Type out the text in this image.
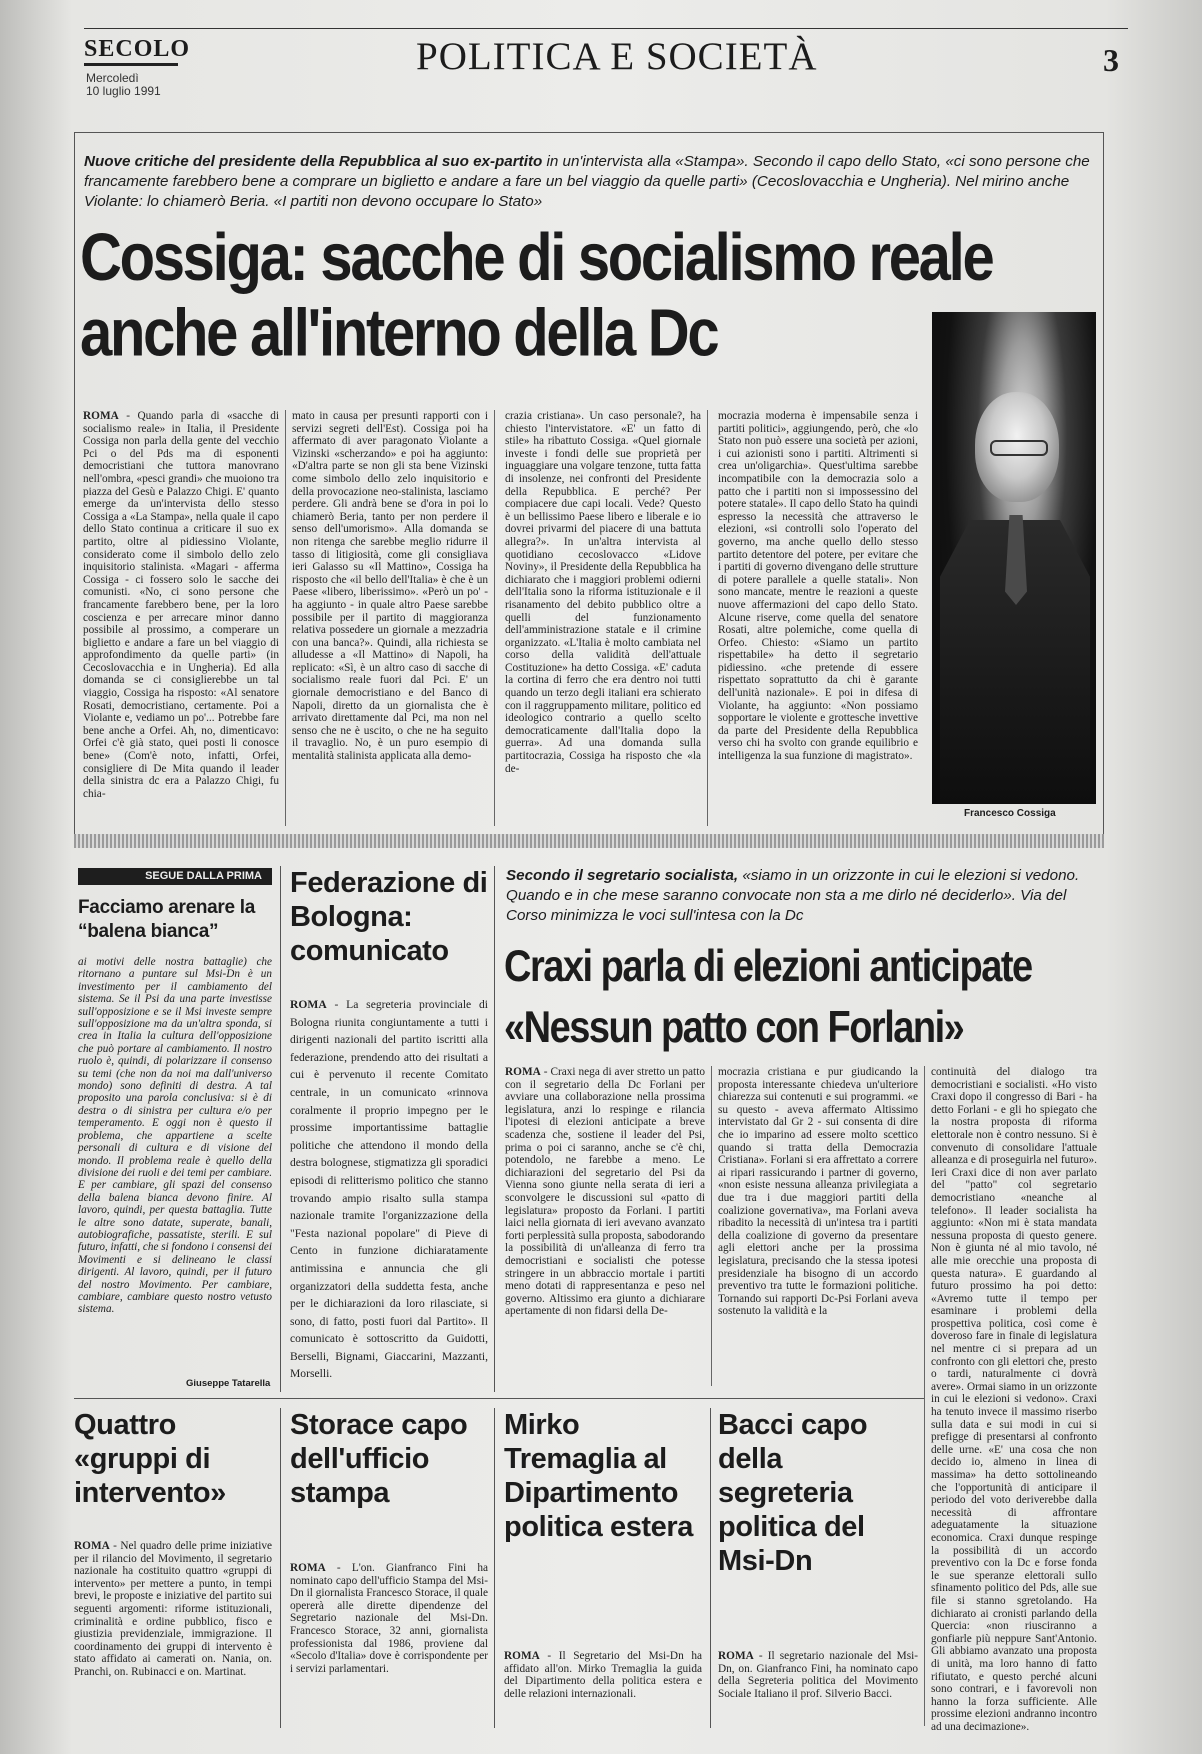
SECOLO
Mercoledì
10 luglio 1991
POLITICA E SOCIETÀ	3
Nuove critiche del presidente della Repubblica al suo ex-partito in un'intervista alla «Stampa». Secondo il capo dello Stato, «ci sono persone che francamente farebbero bene a comprare un biglietto e andare a fare un bel viaggio da quelle parti» (Cecoslovacchia e Ungheria). Nel mirino anche Violante: lo chiamerò Beria. «I partiti non devono occupare lo Stato»
Cossiga: sacche di socialismo reale
anche all'interno della Dc
ROMA - Quando parla di «sacche di socialismo reale» in Italia, il Presidente Cossiga non parla della gente del vecchio Pci o del Pds ma di esponenti democristiani che tuttora manovrano nell'ombra, «pesci grandi» che muoiono tra piazza del Gesù e Palazzo Chigi. E' quanto emerge da un'intervista dello stesso Cossiga a «La Stampa», nella quale il capo dello Stato continua a criticare il suo ex partito, oltre al pidiessino Violante, considerato come il simbolo dello zelo inquisitorio stalinista. «Magari - afferma Cossiga - ci fossero solo le sacche dei comunisti. «No, ci sono persone che francamente farebbero bene, per la loro coscienza e per arrecare minor danno possibile al prossimo, a comperare un biglietto e andare a fare un bel viaggio di approfondimento da quelle parti» (in Cecoslovacchia e in Ungheria). Ed alla domanda se ci consiglierebbe un tal viaggio, Cossiga ha risposto: «Al senatore Rosati, democristiano, certamente. Poi a Violante e, vediamo un po'... Potrebbe fare bene anche a Orfei. Ah, no, dimenticavo: Orfei c'è già stato, quei posti li conosce bene» (Com'è noto, infatti, Orfei, consigliere di De Mita quando il leader della sinistra dc era a Palazzo Chigi, fu chia-
mato in causa per presunti rapporti con i servizi segreti dell'Est). Cossiga poi ha affermato di aver paragonato Violante a Vizinski «scherzando» e poi ha aggiunto: «D'altra parte se non gli sta bene Vizinski come simbolo dello zelo inquisitorio e della provocazione neo-stalinista, lasciamo perdere. Gli andrà bene se d'ora in poi lo chiamerò Beria, tanto per non perdere il senso dell'umorismo». Alla domanda se non ritenga che sarebbe meglio ridurre il tasso di litigiosità, come gli consigliava ieri Galasso su «Il Mattino», Cossiga ha risposto che «il bello dell'Italia» è che è un Paese «libero, liberissimo». «Però un po' - ha aggiunto - in quale altro Paese sarebbe possibile per il partito di maggioranza relativa possedere un giornale a mezzadria con una banca?». Quindi, alla richiesta se alludesse a «Il Mattino» di Napoli, ha replicato: «Sì, è un altro caso di sacche di socialismo reale fuori dal Pci. E' un giornale democristiano e del Banco di Napoli, diretto da un giornalista che è arrivato direttamente dal Pci, ma non nel senso che ne è uscito, o che ne ha seguito il travaglio. No, è un puro esempio di mentalità stalinista applicata alla demo-
crazia cristiana». Un caso personale?, ha chiesto l'intervistatore. «E' un fatto di stile» ha ribattuto Cossiga. «Quel giornale investe i fondi delle sue proprietà per inguaggiare una volgare tenzone, tutta fatta di insolenze, nei confronti del Presidente della Repubblica. E perché? Per compiacere due capi locali. Vede? Questo è un bellissimo Paese libero e liberale e io dovrei privarmi del piacere di una battuta allegra?». In un'altra intervista al quotidiano cecoslovacco «Lidove Noviny», il Presidente della Repubblica ha dichiarato che i maggiori problemi odierni dell'Italia sono la riforma istituzionale e il risanamento del debito pubblico oltre a quelli del funzionamento dell'amministrazione statale e il crimine organizzato. «L'Italia è molto cambiata nel corso della validità dell'attuale Costituzione» ha detto Cossiga. «E' caduta la cortina di ferro che era dentro noi tutti quando un terzo degli italiani era schierato con il raggruppamento militare, politico ed ideologico contrario a quello scelto democraticamente dall'Italia dopo la guerra». Ad una domanda sulla partitocrazia, Cossiga ha risposto che «la de-
mocrazia moderna è impensabile senza i partiti politici», aggiungendo, però, che «lo Stato non può essere una società per azioni, i cui azionisti sono i partiti. Altrimenti si crea un'oligarchia». Quest'ultima sarebbe incompatibile con la democrazia solo a patto che i partiti non si impossessino del potere statale». Il capo dello Stato ha quindi espresso la necessità che attraverso le elezioni, «si controlli solo l'operato del governo, ma anche quello dello stesso partito detentore del potere, per evitare che i partiti di governo divengano delle strutture di potere parallele a quelle statali». Non sono mancate, mentre le reazioni a queste nuove affermazioni del capo dello Stato. Alcune riserve, come quella del senatore Rosati, altre polemiche, come quella di Orfeo. Chiesto: «Siamo un partito rispettabile» ha detto il segretario pidiessino. «che pretende di essere rispettato soprattutto da chi è garante dell'unità nazionale». E poi in difesa di Violante, ha aggiunto: «Non possiamo sopportare le violente e grottesche invettive da parte del Presidente della Repubblica verso chi ha svolto con grande equilibrio e intelligenza la sua funzione di magistrato».
Francesco Cossiga
SEGUE DALLA PRIMA
Facciamo arenare la “balena bianca”
ai motivi delle nostra battaglie) che ritornano a puntare sul Msi-Dn è un investimento per il cambiamento del sistema. Se il Psi da una parte investisse sull'opposizione e se il Msi investe sempre sull'opposizione ma da un'altra sponda, si crea in Italia la cultura dell'opposizione che può portare al cambiamento. Il nostro ruolo è, quindi, di polarizzare il consenso su temi (che non da noi ma dall'universo mondo) sono definiti di destra. A tal proposito una parola conclusiva: si è di destra o di sinistra per cultura e/o per temperamento. E oggi non è questo il problema, che appartiene a scelte personali di cultura e di visione del mondo. Il problema reale è quello della divisione dei ruoli e dei temi per cambiare. E per cambiare, gli spazi del consenso della balena bianca devono finire. Al lavoro, quindi, per questa battaglia. Tutte le altre sono datate, superate, banali, autobiografiche, passatiste, sterili. E sul futuro, infatti, che si fondono i consensi dei Movimenti e si delineano le classi dirigenti. Al lavoro, quindi, per il futuro del nostro Movimento. Per cambiare, cambiare, cambiare questo nostro vetusto sistema.
Giuseppe Tatarella
Federazione di Bologna: comunicato
ROMA - La segreteria provinciale di Bologna riunita congiuntamente a tutti i dirigenti nazionali del partito iscritti alla federazione, prendendo atto dei risultati a cui è pervenuto il recente Comitato centrale, in un comunicato «rinnova coralmente il proprio impegno per le prossime importantissime battaglie politiche che attendono il mondo della destra bolognese, stigmatizza gli sporadici episodi di relitterismo politico che stanno trovando ampio risalto sulla stampa nazionale tramite l'organizzazione della "Festa nazional popolare" di Pieve di Cento in funzione dichiaratamente antimissina e annuncia che gli organizzatori della suddetta festa, anche per le dichiarazioni da loro rilasciate, si sono, di fatto, posti fuori dal Partito». Il comunicato è sottoscritto da Guidotti, Berselli, Bignami, Giaccarini, Mazzanti, Morselli.
Secondo il segretario socialista, «siamo in un orizzonte in cui le elezioni si vedono. Quando e in che mese saranno convocate non sta a me dirlo né deciderlo». Via del Corso minimizza le voci sull'intesa con la Dc
Craxi parla di elezioni anticipate
«Nessun patto con Forlani»
ROMA - Craxi nega di aver stretto un patto con il segretario della Dc Forlani per avviare una collaborazione nella prossima legislatura, anzi lo respinge e rilancia l'ipotesi di elezioni anticipate a breve scadenza che, sostiene il leader del Psi, prima o poi ci saranno, anche se c'è chi, potendolo, ne farebbe a meno. Le dichiarazioni del segretario del Psi da Vienna sono giunte nella serata di ieri a sconvolgere le discussioni sul «patto di legislatura» proposto da Forlani. I partiti laici nella giornata di ieri avevano avanzato forti perplessità sulla proposta, sabodorando la possibilità di un'alleanza di ferro tra democristiani e socialisti che potesse stringere in un abbraccio mortale i partiti meno dotati di rappresentanza e peso nel governo. Altissimo era giunto a dichiarare apertamente di non fidarsi della De-
mocrazia cristiana e pur giudicando la proposta interessante chiedeva un'ulteriore chiarezza sui contenuti e sui programmi. «e su questo - aveva affermato Altissimo intervistato dal Gr 2 - sui consenta di dire che io imparino ad essere molto scettico quando si tratta della Democrazia Cristiana». Forlani si era affrettato a correre ai ripari rassicurando i partner di governo, «non esiste nessuna alleanza privilegiata a due tra i due maggiori partiti della coalizione governativa», ma Forlani aveva ribadito la necessità di un'intesa tra i partiti della coalizione di governo da presentare agli elettori anche per la prossima legislatura, precisando che la stessa ipotesi presidenziale ha bisogno di un accordo preventivo tra tutte le formazioni politiche. Tornando sui rapporti Dc-Psi Forlani aveva sostenuto la validità e la
continuità del dialogo tra democristiani e socialisti. «Ho visto Craxi dopo il congresso di Bari - ha detto Forlani - e gli ho spiegato che la nostra proposta di riforma elettorale non è contro nessuno. Si è convenuto di consolidare l'attuale alleanza e di proseguirla nel futuro». Ieri Craxi dice di non aver parlato del "patto" col segretario democristiano «neanche al telefono». Il leader socialista ha aggiunto: «Non mi è stata mandata nessuna proposta di questo genere. Non è giunta né al mio tavolo, né alle mie orecchie una proposta di questa natura». E guardando al futuro prossimo ha poi detto: «Avremo tutte il tempo per esaminare i problemi della prospettiva politica, così come è doveroso fare in finale di legislatura nel mentre ci si prepara ad un confronto con gli elettori che, presto o tardi, naturalmente ci dovrà avere». Ormai siamo in un orizzonte in cui le elezioni si vedono». Craxi ha tenuto invece il massimo riserbo sulla data e sui modi in cui si prefigge di presentarsi al confronto delle urne. «E' una cosa che non decido io, almeno in linea di massima» ha detto sottolineando che l'opportunità di anticipare il periodo del voto deriverebbe dalla necessità di affrontare adeguatamente la situazione economica. Craxi dunque respinge la possibilità di un accordo preventivo con la Dc e forse fonda le sue speranze elettorali sullo sfinamento politico del Pds, alle sue file si stanno sgretolando. Ha dichiarato ai cronisti parlando della Quercia: «non riusciranno a gonfiarle più neppure Sant'Antonio. Gli abbiamo avanzato una proposta di unità, ma loro hanno di fatto rifiutato, e questo perché alcuni sono contrari, e i favorevoli non hanno la forza sufficiente. Alle prossime elezioni andranno incontro ad una decimazione».
Quattro «gruppi di intervento»
ROMA - Nel quadro delle prime iniziative per il rilancio del Movimento, il segretario nazionale ha costituito quattro «gruppi di intervento» per mettere a punto, in tempi brevi, le proposte e iniziative del partito sui seguenti argomenti: riforme istituzionali, criminalità e ordine pubblico, fisco e giustizia previdenziale, immigrazione. Il coordinamento dei gruppi di intervento è stato affidato ai camerati on. Nania, on. Pranchi, on. Rubinacci e on. Martinat.
Storace capo dell'ufficio stampa
ROMA - L'on. Gianfranco Fini ha nominato capo dell'ufficio Stampa del Msi-Dn il giornalista Francesco Storace, il quale opererà alle dirette dipendenze del Segretario nazionale del Msi-Dn. Francesco Storace, 32 anni, giornalista professionista dal 1986, proviene dal «Secolo d'Italia» dove è corrispondente per i servizi parlamentari.
Mirko Tremaglia al Dipartimento politica estera
ROMA - Il Segretario del Msi-Dn ha affidato all'on. Mirko Tremaglia la guida del Dipartimento della politica estera e delle relazioni internazionali.
Bacci capo della segreteria politica del Msi-Dn
ROMA - Il segretario nazionale del Msi-Dn, on. Gianfranco Fini, ha nominato capo della Segreteria politica del Movimento Sociale Italiano il prof. Silverio Bacci.
